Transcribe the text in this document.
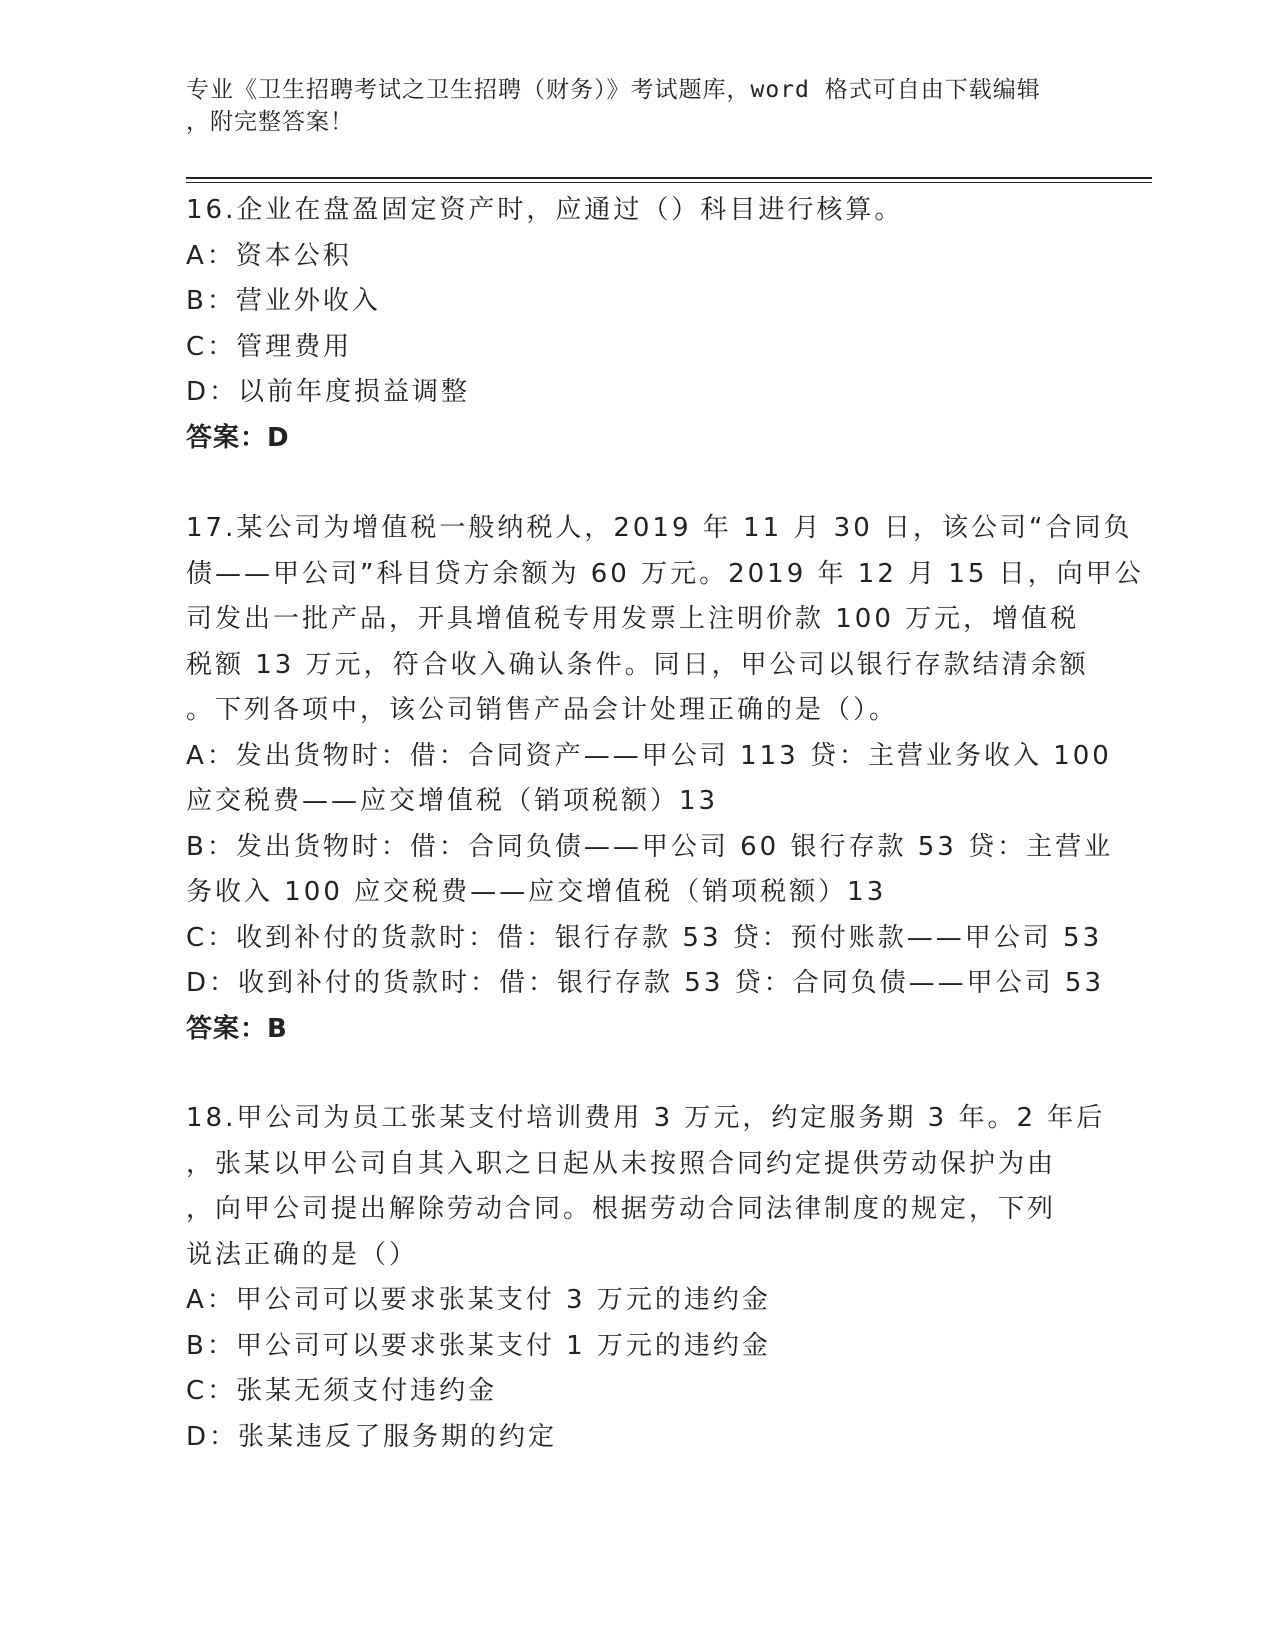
专业《卫生招聘考试之卫生招聘（财务）》考试题库，word 格式可自由下载编辑
，附完整答案！
16.企业在盘盈固定资产时，应通过（）科目进行核算。
A：资本公积
B：营业外收入
C：管理费用
D：以前年度损益调整
答案：D
17.某公司为增值税一般纳税人，2019 年 11 月 30 日，该公司“合同负
债——甲公司”科目贷方余额为 60 万元。2019 年 12 月 15 日，向甲公
司发出一批产品，开具增值税专用发票上注明价款 100 万元，增值税
税额 13 万元，符合收入确认条件。同日，甲公司以银行存款结清余额
。下列各项中，该公司销售产品会计处理正确的是（）。
A：发出货物时：借：合同资产——甲公司 113 贷：主营业务收入 100
应交税费——应交增值税（销项税额）13
B：发出货物时：借：合同负债——甲公司 60 银行存款 53 贷：主营业
务收入 100 应交税费——应交增值税（销项税额）13
C：收到补付的货款时：借：银行存款 53 贷：预付账款——甲公司 53
D：收到补付的货款时：借：银行存款 53 贷：合同负债——甲公司 53
答案：B
18.甲公司为员工张某支付培训费用 3 万元，约定服务期 3 年。2 年后
，张某以甲公司自其入职之日起从未按照合同约定提供劳动保护为由
，向甲公司提出解除劳动合同。根据劳动合同法律制度的规定，下列
说法正确的是（）
A：甲公司可以要求张某支付 3 万元的违约金
B：甲公司可以要求张某支付 1 万元的违约金
C：张某无须支付违约金
D：张某违反了服务期的约定
